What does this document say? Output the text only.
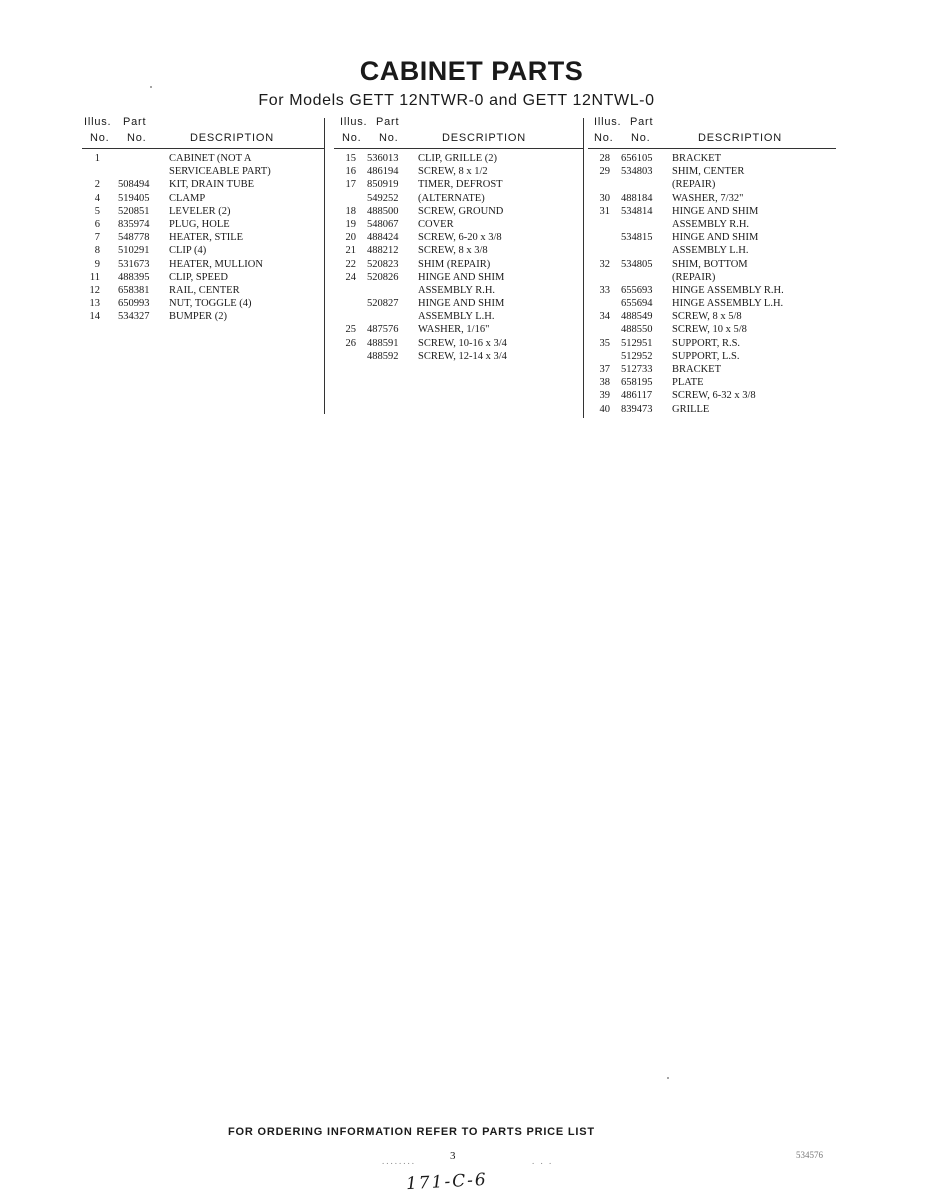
CABINET PARTS
For Models GETT 12NTWR-0 and GETT 12NTWL-0
Illus. Part
No. No.	DESCRIPTION
1	CABINET (NOT A
SERVICEABLE PART)
2 508494 KIT, DRAIN TUBE
4 519405 CLAMP
5 520851 LEVELER (2)
6 835974 PLUG, HOLE
7 548778 HEATER, STILE
8 510291 CLIP (4)
9 531673 HEATER, MULLION
11 488395 CLIP, SPEED
12 658381 RAIL, CENTER
13 650993 NUT, TOGGLE (4)
14 534327 BUMPER (2)
Illus. Part
No. No.	DESCRIPTION
15 536013 CLIP, GRILLE (2)
16 486194 SCREW, 8 x 1/2
17 850919 TIMER, DEFROST
549252 (ALTERNATE)
18 488500 SCREW, GROUND
19 548067 COVER
20 488424 SCREW, 6-20 x 3/8
21 488212 SCREW, 8 x 3/8
22 520823 SHIM (REPAIR)
24 520826 HINGE AND SHIM
ASSEMBLY R.H.
520827 HINGE AND SHIM
ASSEMBLY L.H.
25 487576 WASHER, 1/16"
26 488591 SCREW, 10-16 x 3/4
488592 SCREW, 12-14 x 3/4
Illus. Part
No. No.	DESCRIPTION
28 656105 BRACKET
29 534803 SHIM, CENTER
(REPAIR)
30 488184 WASHER, 7/32"
31 534814 HINGE AND SHIM
ASSEMBLY R.H.
534815 HINGE AND SHIM
ASSEMBLY L.H.
32 534805 SHIM, BOTTOM
(REPAIR)
33 655693 HINGE ASSEMBLY R.H.
655694 HINGE ASSEMBLY L.H.
34 488549 SCREW, 8 x 5/8
488550 SCREW, 10 x 5/8
35 512951 SUPPORT, R.S.
512952 SUPPORT, L.S.
37 512733 BRACKET
38 658195 PLATE
39 486117 SCREW, 6-32 x 3/8
40 839473 GRILLE
FOR ORDERING INFORMATION REFER TO PARTS PRICE LIST
........	3	. . .
534576
171-C-6
